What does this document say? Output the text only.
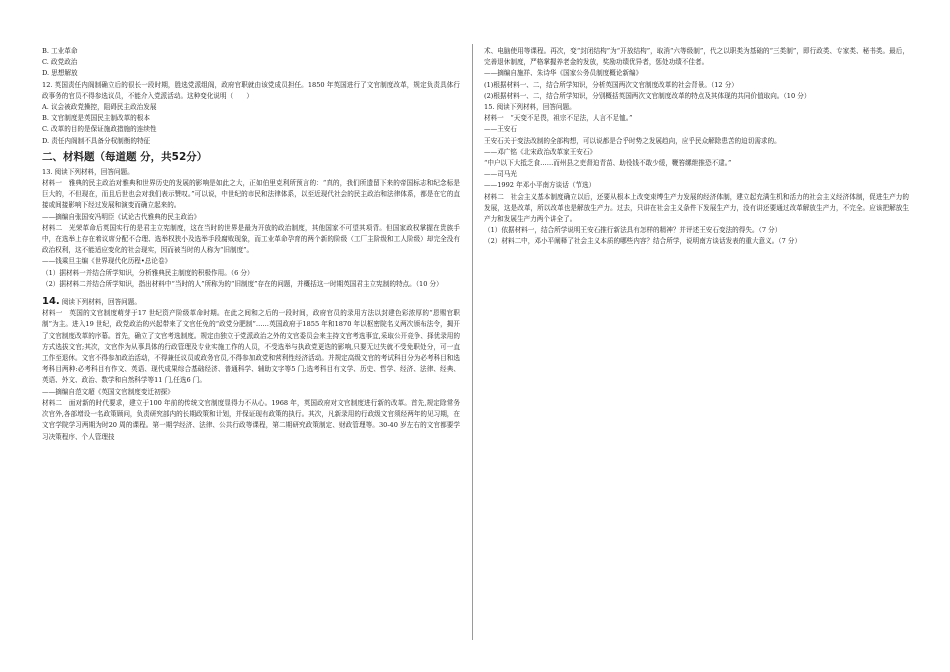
B. 工业革命

C. 政党政治

D. 思想解放

12. 英国责任内阁制确立后的很长一段时期，胜选党派组阁，政府官职就由该党成员担任。1850 年英国进行了文官制度改革，规定负责具体行政事务的官员不得参选议员，不能介入党派活动。这种变化说明（　　）

A. 议会被政党操控，阻碍民主政治发展

B. 文官制度是英国民主制改革的根本

C. 改革的目的是保证施政措施的连续性

D. 责任内阁制不具备分权制衡的特征

二、材料题（每道题 分，共52分）

13. 阅读下列材料，回答问题。

材料一　雅典的民主政治对雅典和世界历史的发展的影响是如此之大，正如伯里克利所预言的：“真的，我们所遗留下来的帝国标志和纪念标是巨大的，不但现在，而且后世也会对我们表示赞叹。”可以说，中世纪的市民和法律体系，以至近现代社会的民主政治和法律体系，都是在它的直接或间接影响下经过发展和演变而确立起来的。

——摘编自张国安冯明臣《试论古代雅典的民主政治》

材料二　光荣革命后英国实行的是君主立宪制度，这在当时的世界是最为开放的政治制度，其他国家不可望其项背。但国家政权掌握在贵族手中，在选举上存在着议席分配不合理、选举权狭小及选举手段腐败现象，而工业革命孕育的两个新的阶级（工厂主阶级和工人阶级）却完全没有政治权利，这不能适应变化的社会现实，因而被当时的人称为“旧制度”。

——钱乘旦主编《世界现代化历程•总论卷》

（1）据材料一并结合所学知识，分析雅典民主制度的积极作用。（6 分）

（2）据材料二并结合所学知识，指出材料中“当时的人”所称为的“旧制度”存在的问题，并概括这一时期英国君主立宪制的特点。（10 分）

14. 阅读下列材料，回答问题。

材料一　英国的文官制度萌芽于17 世纪资产阶级革命时期。在此之间和之后的一段时间，政府官员的录用方法以封建色彩浓厚的“恩赐官职制”为主。进入19 世纪，政党政治的兴起带来了文官任免的“政党分肥制”……英国政府于1855 年和1870 年以枢密院名义两次颁布法令，揭开了文官制度改革的序幕。首先，确立了文官考选制度。规定由独立于党派政治之外的文官委员会来主持文官考选事宜,采取公开竞争、择优录用的方式选拔文官;其次，文官作为从事具体的行政管理及专业实施工作的人员，不受选举与执政党更迭的影响,只要无过失就不受免职处分，可一直工作至退休。文官不得参加政治活动，不得兼任议员或政务官员,不得参加政党和营利性经济活动。并规定高级文官的考试科目分为必考科目和选考科目两种:必考科目有作文、英语、现代成果综合基础经济、普通科学、辅助文字等5 门;选考科目有文学、历史、哲学、经济、法律、经典、英语、外文、政治、数学和自然科学等11 门,任选6 门。

——摘编自范文超《英国文官制度变迁初探》

材料二　面对新的时代要求，建立于100 年前的传统文官制度显得力不从心。1968 年，英国政府对文官制度进行新的改革。首先,规定除常务次官外,各部增设一名政策顾问，负责研究部内的长期政策和计划，并保证现有政策的执行。其次，凡新录用的行政级文官须经两年的见习期，在文官学院学习两期为时20 周的课程。第一期学经济、法律、公共行政等课程，第二期研究政策制定、财政管理等。30-40 岁左右的文官都要学习决策程序、个人管理技

术、电脑使用等课程。再次，变“封闭结构”为“开放结构”，取消“六等级制”，代之以职类为基础的“三类制”，即行政类、专家类、秘书类。最后，完善退休制度，严格掌握养老金的发放，奖励功绩优异者，惩处功绩不佳者。

——摘编自施祥、朱诗华《国家公务员制度概论新编》

(1)根据材料一、二，结合所学知识，分析英国两次文官制度改革的社会背景。（12 分）

(2)根据材料一、二，结合所学知识，分别概括英国两次文官制度改革的特点及其体现的共同价值取向。（10 分）

15. 阅读下列材料，回答问题。

材料一　“天变不足畏，祖宗不足法，人言不足恤。”

——王安石

王安石关于变法改制的全部构想，可以说都是合乎时势之发展趋向，应乎民众解除患苦的迫切需求的。

——邓广铭《北宋政治改革家王安石》

“中户以下大抵乏食……而州县之吏督迫青苗、助役钱不敢少缓，鞭笞缧绁推恐不逮。”

——司马光

——1992 年邓小平南方谈话（节选）

材料二　社会主义基本制度确立以后，还要从根本上改变束缚生产力发展的经济体制，建立起充满生机和活力的社会主义经济体制，促进生产力的发展，这是改革，所以改革也是解放生产力。过去，只讲在社会主义条件下发展生产力，没有讲还要通过改革解放生产力，不完全。应该把解放生产力和发展生产力两个讲全了。

（1）依据材料一，结合所学说明王安石推行新法具有怎样的精神？并评述王安石变法的得失。（7 分）

（2）材料二中，邓小平阐释了社会主义本质的哪些内容？结合所学，说明南方谈话发表的重大意义。（7 分）
